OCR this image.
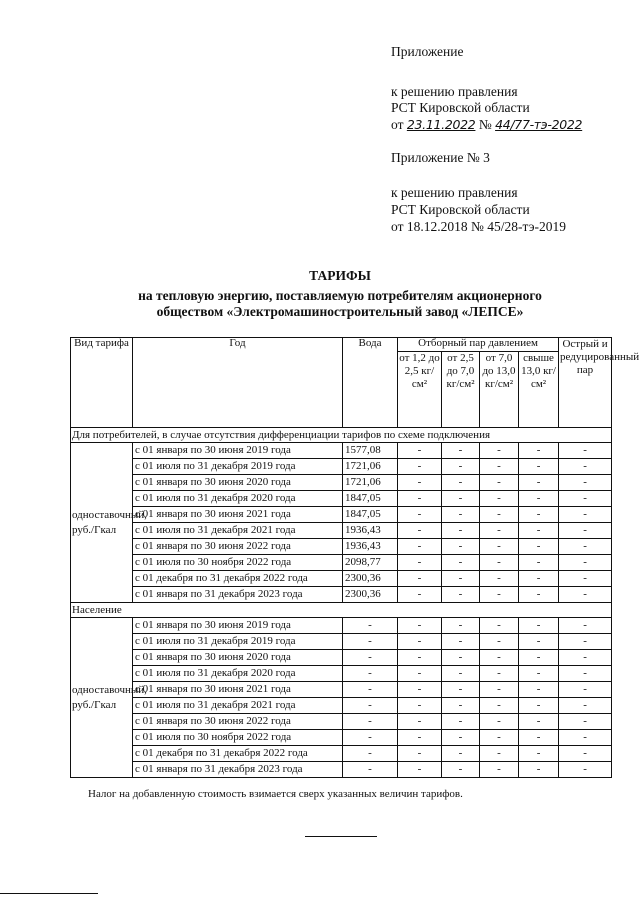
Приложение
к решению правления
РСТ Кировской области
от 23.11.2022 № 44/77-тэ-2022
Приложение № 3
к решению правления
РСТ Кировской области
от 18.12.2018 № 45/28-тэ-2019
ТАРИФЫ
на тепловую энергию, поставляемую потребителям акционерного
обществом «Электромашиностроительный завод «ЛЕПСЕ»
Вид тарифа	Год	Вода	Отборный пар давлением				Острый и редуцированный пар
			от 1,2 до 2,5 кг/см²	от 2,5 до 7,0 кг/см²	от 7,0 до 13,0 кг/см²	свыше 13,0 кг/см²	
Для потребителей, в случае отсутствия дифференциации тарифов по схеме подключения							
одноставочный, руб./Гкал	с 01 января по 30 июня 2019 года	1577,08	-	-	-	-	-
	с 01 июля по 31 декабря 2019 года	1721,06	-	-	-	-	-
	с 01 января по 30 июня 2020 года	1721,06	-	-	-	-	-
	с 01 июля по 31 декабря 2020 года	1847,05	-	-	-	-	-
	с 01 января по 30 июня 2021 года	1847,05	-	-	-	-	-
	с 01 июля по 31 декабря 2021 года	1936,43	-	-	-	-	-
	с 01 января по 30 июня 2022 года	1936,43	-	-	-	-	-
	с 01 июля по 30 ноября 2022 года	2098,77	-	-	-	-	-
	с 01 декабря по 31 декабря 2022 года	2300,36	-	-	-	-	-
	с 01 января по 31 декабря 2023 года	2300,36	-	-	-	-	-
Население							
одноставочный, руб./Гкал	с 01 января по 30 июня 2019 года	-	-	-	-	-	-
	с 01 июля по 31 декабря 2019 года	-	-	-	-	-	-
	с 01 января по 30 июня 2020 года	-	-	-	-	-	-
	с 01 июля по 31 декабря 2020 года	-	-	-	-	-	-
	с 01 января по 30 июня 2021 года	-	-	-	-	-	-
	с 01 июля по 31 декабря 2021 года	-	-	-	-	-	-
	с 01 января по 30 июня 2022 года	-	-	-	-	-	-
	с 01 июля по 30 ноября 2022 года	-	-	-	-	-	-
	с 01 декабря по 31 декабря 2022 года	-	-	-	-	-	-
	с 01 января по 31 декабря 2023 года	-	-	-	-	-	-
Налог на добавленную стоимость взимается сверх указанных величин тарифов.
